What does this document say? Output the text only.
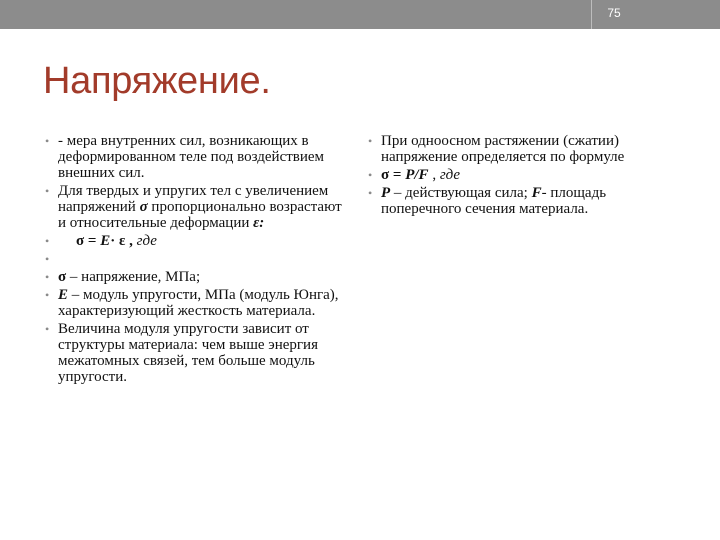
75
Напряжение.
• - мера внутренних сил, возникающих в деформированном теле под воздействием внешних сил.
• Для твердых и упругих тел с увеличением напряжений σ пропорционально возрастают и относительные деформации ε:
• σ = E· ε , где
•
• σ – напряжение, МПа;
• E – модуль упругости, МПа (модуль Юнга), характеризующий жесткость материала.
• Величина модуля упругости зависит от структуры материала: чем выше энергия межатомных связей, тем больше модуль упругости.
• При одноосном растяжении (сжатии) напряжение определяется по формуле
• σ = P/F , где
• P – действующая сила; F- площадь поперечного сечения материала.
